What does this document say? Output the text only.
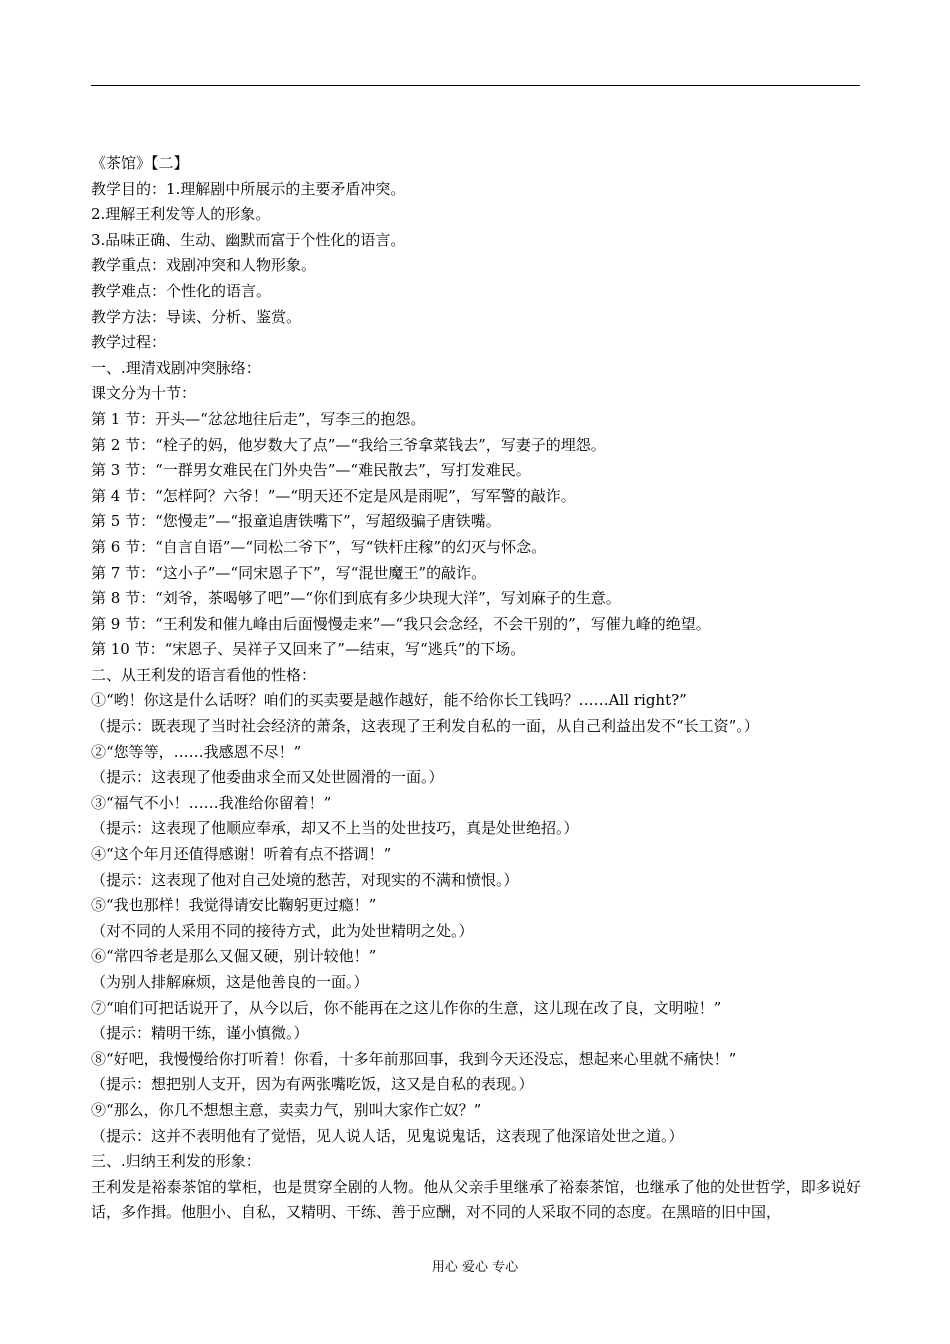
《茶馆》【二】
教学目的：1.理解剧中所展示的主要矛盾冲突。
2.理解王利发等人的形象。
3.品味正确、生动、幽默而富于个性化的语言。
教学重点：戏剧冲突和人物形象。
教学难点：个性化的语言。
教学方法：导读、分析、鉴赏。
教学过程：
一、.理清戏剧冲突脉络：
课文分为十节：
第 1 节：开头—“忿忿地往后走”，写李三的抱怨。
第 2 节：“栓子的妈，他岁数大了点”—“我给三爷拿菜钱去”，写妻子的埋怨。
第 3 节：“一群男女难民在门外央告”—“难民散去”，写打发难民。
第 4 节：“怎样阿？六爷！”—“明天还不定是风是雨呢”，写军警的敲诈。
第 5 节：“您慢走”—“报童追唐铁嘴下”，写超级骗子唐铁嘴。
第 6 节：“自言自语”—“同松二爷下”，写“铁杆庄稼”的幻灭与怀念。
第 7 节：“这小子”—“同宋恩子下”，写“混世魔王”的敲诈。
第 8 节：“刘爷，茶喝够了吧”—“你们到底有多少块现大洋”，写刘麻子的生意。
第 9 节：“王利发和催九峰由后面慢慢走来”—“我只会念经，不会干别的”，写催九峰的绝望。
第 10 节：“宋恩子、吴祥子又回来了”—结束，写“逃兵”的下场。
二、从王利发的语言看他的性格：
①“哟！你这是什么话呀？咱们的买卖要是越作越好，能不给你长工钱吗？……All right?”
（提示：既表现了当时社会经济的萧条，这表现了王利发自私的一面，从自己利益出发不“长工资”。）
②“您等等，……我感恩不尽！”
（提示：这表现了他委曲求全而又处世圆滑的一面。）
③“福气不小！……我准给你留着！”
（提示：这表现了他顺应奉承，却又不上当的处世技巧，真是处世绝招。）
④“这个年月还值得感谢！听着有点不搭调！”
（提示：这表现了他对自己处境的愁苦，对现实的不满和愤恨。）
⑤“我也那样！我觉得请安比鞠躬更过瘾！”
（对不同的人采用不同的接待方式，此为处世精明之处。）
⑥“常四爷老是那么又倔又硬，别计较他！”
（为别人排解麻烦，这是他善良的一面。）
⑦“咱们可把话说开了，从今以后，你不能再在之这儿作你的生意，这儿现在改了良，文明啦！”
（提示：精明干练，谨小慎微。）
⑧“好吧，我慢慢给你打听着！你看，十多年前那回事，我到今天还没忘，想起来心里就不痛快！”
（提示：想把别人支开，因为有两张嘴吃饭，这又是自私的表现。）
⑨“那么，你几不想想主意，卖卖力气，别叫大家作亡奴？”
（提示：这并不表明他有了觉悟，见人说人话，见鬼说鬼话，这表现了他深谙处世之道。）
三、.归纳王利发的形象：
王利发是裕泰茶馆的掌柜，也是贯穿全剧的人物。他从父亲手里继承了裕泰茶馆，也继承了他的处世哲学，即多说好话，多作揖。他胆小、自私，又精明、干练、善于应酬，对不同的人采取不同的态度。在黑暗的旧中国，
用心 爱心 专心
